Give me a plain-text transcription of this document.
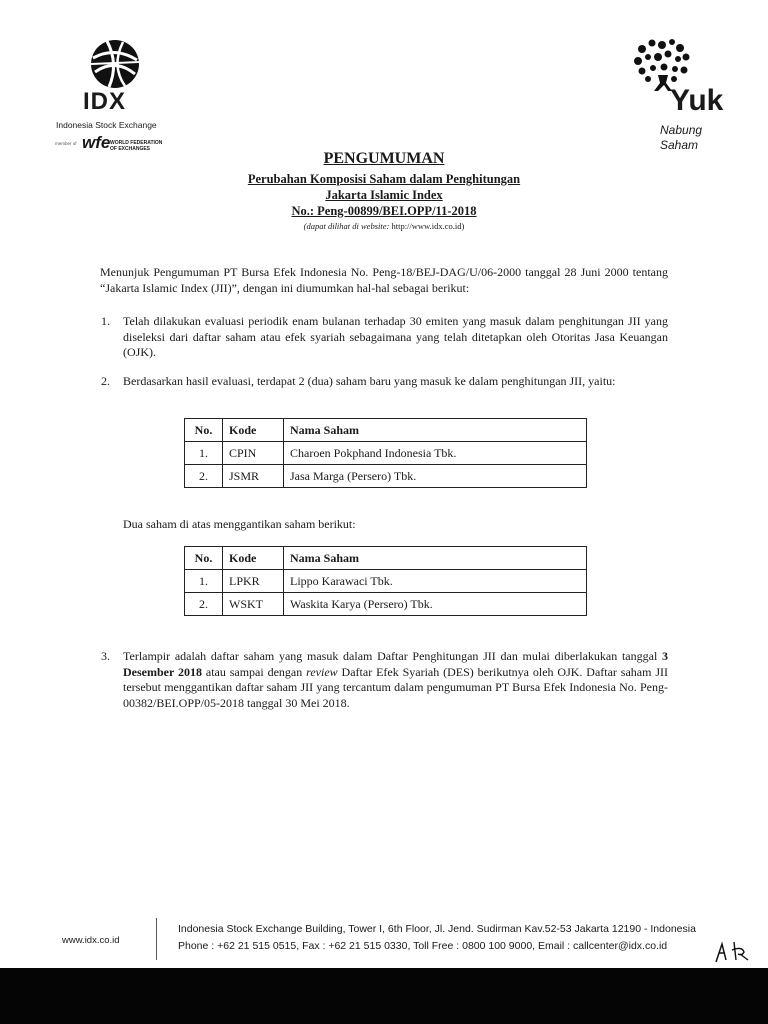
IDX
Indonesia Stock Exchange
member of wfe WORLD FEDERATION
OF EXCHANGES
Yuk
Nabung
Saham
PENGUMUMAN
Perubahan Komposisi Saham dalam Penghitungan
Jakarta Islamic Index
No.: Peng-00899/BEI.OPP/11-2018
(dapat dilihat di website: http://www.idx.co.id)
Menunjuk Pengumuman PT Bursa Efek Indonesia No. Peng-18/BEJ-DAG/U/06-2000 tanggal 28 Juni 2000 tentang “Jakarta Islamic Index (JII)”, dengan ini diumumkan hal-hal sebagai berikut:
1. Telah dilakukan evaluasi periodik enam bulanan terhadap 30 emiten yang masuk dalam penghitungan JII yang diseleksi dari daftar saham atau efek syariah sebagaimana yang telah ditetapkan oleh Otoritas Jasa Keuangan (OJK).
2. Berdasarkan hasil evaluasi, terdapat 2 (dua) saham baru yang masuk ke dalam penghitungan JII, yaitu:
No.	Kode	Nama Saham
1.	CPIN	Charoen Pokphand Indonesia Tbk.
2.	JSMR	Jasa Marga (Persero) Tbk.
Dua saham di atas menggantikan saham berikut:
No.	Kode	Nama Saham
1.	LPKR	Lippo Karawaci Tbk.
2.	WSKT	Waskita Karya (Persero) Tbk.
3. Terlampir adalah daftar saham yang masuk dalam Daftar Penghitungan JII dan mulai diberlakukan tanggal 3 Desember 2018 atau sampai dengan review Daftar Efek Syariah (DES) berikutnya oleh OJK. Daftar saham JII tersebut menggantikan daftar saham JII yang tercantum dalam pengumuman PT Bursa Efek Indonesia No. Peng-00382/BEI.OPP/05-2018 tanggal 30 Mei 2018.
www.idx.co.id
Indonesia Stock Exchange Building, Tower I, 6th Floor, Jl. Jend. Sudirman Kav.52-53 Jakarta 12190 - Indonesia
Phone : +62 21 515 0515, Fax : +62 21 515 0330, Toll Free : 0800 100 9000, Email : callcenter@idx.co.id
